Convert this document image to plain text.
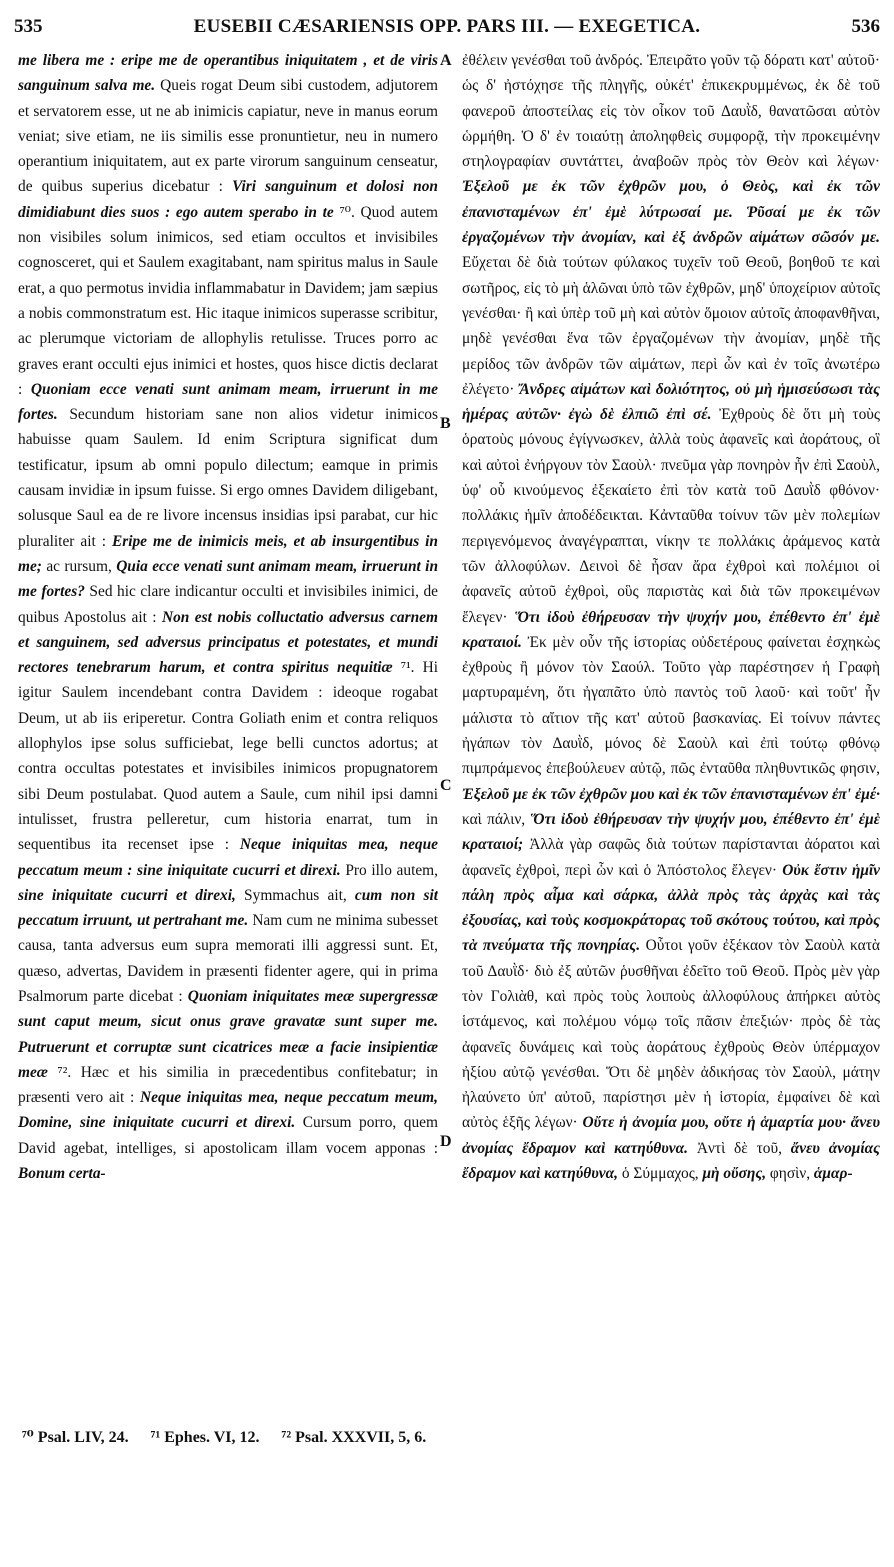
535	EUSEBII CÆSARIENSIS OPP. PARS III. — EXEGETICA.	536

me libera me : eripe me de operantibus iniquitatem , et de viris sanguinum salva me. Queis rogat Deum sibi custodem, adjutorem et servatorem esse, ut ne ab inimicis capiatur, neve in manus eorum veniat; sive etiam, ne iis similis esse pronuntietur, neu in numero operantium iniquitatem, aut ex parte virorum sanguinum censeatur, de quibus superius dicebatur : Viri sanguinum et dolosi non dimidiabunt dies suos : ego autem sperabo in te ⁷⁰. Quod autem non visibiles solum inimicos, sed etiam occultos et invisibiles cognosceret, qui et Saulem exagitabant, nam spiritus malus in Saule erat, a quo permotus invidia inflammabatur in Davidem; jam sæpius a nobis commonstratum est. Hic itaque inimicos superasse scribitur, ac plerumque victoriam de allophylis retulisse. Truces porro ac graves erant occulti ejus inimici et hostes, quos hisce dictis declarat : Quoniam ecce venati sunt animam meam, irruerunt in me fortes. Secundum historiam sane non alios videtur inimicos habuisse quam Saulem. Id enim Scriptura significat dum testificatur, ipsum ab omni populo dilectum; eamque in primis causam invidiæ in ipsum fuisse. Si ergo omnes Davidem diligebant, solusque Saul ea de re livore incensus insidias ipsi parabat, cur hic pluraliter ait : Eripe me de inimicis meis, et ab insurgentibus in me; ac rursum, Quia ecce venati sunt animam meam, irruerunt in me fortes? Sed hic clare indicantur occulti et invisibiles inimici, de quibus Apostolus ait : Non est nobis colluctatio adversus carnem et sanguinem, sed adversus principatus et potestates, et mundi rectores tenebrarum harum, et contra spiritus nequitiæ ⁷¹. Hi igitur Saulem incendebant contra Davidem : ideoque rogabat Deum, ut ab iis eriperetur. Contra Goliath enim et contra reliquos allophylos ipse solus sufficiebat, lege belli cunctos adortus; at contra occultas potestates et invisibiles inimicos propugnatorem sibi Deum postulabat. Quod autem a Saule, cum nihil ipsi damni intulisset, frustra pelleretur, cum historia enarrat, tum in sequentibus ita recenset ipse : Neque iniquitas mea, neque peccatum meum : sine iniquitate cucurri et direxi. Pro illo autem, sine iniquitate cucurri et direxi, Symmachus ait, cum non sit peccatum irruunt, ut pertrahant me. Nam cum ne minima subesset causa, tanta adversus eum supra memorati illi aggressi sunt. Et, quæso, advertas, Davidem in præsenti fidenter agere, qui in prima Psalmorum parte dicebat : Quoniam iniquitates meæ supergressæ sunt caput meum, sicut onus grave gravatæ sunt super me. Putruerunt et corruptæ sunt cicatrices meæ a facie insipientiæ meæ ⁷². Hæc et his similia in præcedentibus confitebatur; in præsenti vero ait : Neque iniquitas mea, neque peccatum meum, Domine, sine iniquitate cucurri et direxi. Cursum porro, quem David agebat, intelliges, si apostolicam illam vocem apponas : Bonum certa-

A
B
C
D

ἐθέλειν γενέσθαι τοῦ ἀνδρός. Ἐπειρᾶτο γοῦν τῷ δόρατι κατ' αὐτοῦ· ὡς δ' ἠστόχησε τῆς πληγῆς, οὐκέτ' ἐπικεκρυμμένως, ἐκ δὲ τοῦ φανεροῦ ἀποστείλας εἰς τὸν οἶκον τοῦ Δαυῒδ, θανατῶσαι αὐτὸν ὡρμήθη. Ὁ δ' ἐν τοιαύτῃ ἀποληφθεὶς συμφορᾷ, τὴν προκειμένην στηλογραφίαν συντάττει, ἀναβοῶν πρὸς τὸν Θεὸν καὶ λέγων· Ἐξελοῦ με ἐκ τῶν ἐχθρῶν μου, ὁ Θεὸς, καὶ ἐκ τῶν ἐπανισταμένων ἐπ' ἐμὲ λύτρωσαί με. Ῥῦσαί με ἐκ τῶν ἐργαζομένων τὴν ἀνομίαν, καὶ ἐξ ἀνδρῶν αἱμάτων σῶσόν με. Εὔχεται δὲ διὰ τούτων φύλακος τυχεῖν τοῦ Θεοῦ, βοηθοῦ τε καὶ σωτῆρος, εἰς τὸ μὴ ἁλῶναι ὑπὸ τῶν ἐχθρῶν, μηδ' ὑποχείριον αὐτοῖς γενέσθαι· ἢ καὶ ὑπὲρ τοῦ μὴ καὶ αὐτὸν ὅμοιον αὐτοῖς ἀποφανθῆναι, μηδὲ γενέσθαι ἕνα τῶν ἐργαζομένων τὴν ἀνομίαν, μηδὲ τῆς μερίδος τῶν ἀνδρῶν τῶν αἱμάτων, περὶ ὧν καὶ ἐν τοῖς ἀνωτέρω ἐλέγετο· Ἄνδρες αἱμάτων καὶ δολιότητος, οὐ μὴ ἡμισεύσωσι τὰς ἡμέρας αὐτῶν· ἐγὼ δὲ ἐλπιῶ ἐπὶ σέ. Ἐχθροὺς δὲ ὅτι μὴ τοὺς ὁρατοὺς μόνους ἐγίγνωσκεν, ἀλλὰ τοὺς ἀφανεῖς καὶ ἀοράτους, οἳ καὶ αὐτοὶ ἐνήργουν τὸν Σαοὺλ· πνεῦμα γὰρ πονηρὸν ἦν ἐπὶ Σαοὺλ, ὑφ' οὗ κινούμενος ἐξεκαίετο ἐπὶ τὸν κατὰ τοῦ Δαυῒδ φθόνον· πολλάκις ἡμῖν ἀποδέδεικται. Κἀνταῦθα τοίνυν τῶν μὲν πολεμίων περιγενόμενος ἀναγέγραπται, νίκην τε πολλάκις ἀράμενος κατὰ τῶν ἀλλοφύλων. Δεινοὶ δὲ ἦσαν ἄρα ἐχθροὶ καὶ πολέμιοι οἱ ἀφανεῖς αὐτοῦ ἐχθροὶ, οὓς παριστὰς καὶ διὰ τῶν προκειμένων ἔλεγεν· Ὅτι ἰδοὺ ἐθήρευσαν τὴν ψυχήν μου, ἐπέθεντο ἐπ' ἐμὲ κραταιοί. Ἐκ μὲν οὖν τῆς ἱστορίας οὐδετέρους φαίνεται ἐσχηκὼς ἐχθροὺς ἢ μόνον τὸν Σαούλ. Τοῦτο γὰρ παρέστησεν ἡ Γραφὴ μαρτυραμένη, ὅτι ἠγαπᾶτο ὑπὸ παντὸς τοῦ λαοῦ· καὶ τοῦτ' ἦν μάλιστα τὸ αἴτιον τῆς κατ' αὐτοῦ βασκανίας. Εἰ τοίνυν πάντες ἠγάπων τὸν Δαυῒδ, μόνος δὲ Σαοὺλ καὶ ἐπὶ τούτῳ φθόνῳ πιμπράμενος ἐπεβούλευεν αὐτῷ, πῶς ἐνταῦθα πληθυντικῶς φησιν, Ἐξελοῦ με ἐκ τῶν ἐχθρῶν μου καὶ ἐκ τῶν ἐπανισταμένων ἐπ' ἐμέ· καὶ πάλιν, Ὅτι ἰδοὺ ἐθήρευσαν τὴν ψυχήν μου, ἐπέθεντο ἐπ' ἐμὲ κραταιοί; Ἀλλὰ γὰρ σαφῶς διὰ τούτων παρίστανται ἀόρατοι καὶ ἀφανεῖς ἐχθροὶ, περὶ ὧν καὶ ὁ Ἀπόστολος ἔλεγεν· Οὐκ ἔστιν ἡμῖν πάλη πρὸς αἷμα καὶ σάρκα, ἀλλὰ πρὸς τὰς ἀρχὰς καὶ τὰς ἐξουσίας, καὶ τοὺς κοσμοκράτορας τοῦ σκότους τούτου, καὶ πρὸς τὰ πνεύματα τῆς πονηρίας. Οὗτοι γοῦν ἐξέκαον τὸν Σαοὺλ κατὰ τοῦ Δαυῒδ· διὸ ἐξ αὐτῶν ῥυσθῆναι ἐδεῖτο τοῦ Θεοῦ. Πρὸς μὲν γὰρ τὸν Γολιὰθ, καὶ πρὸς τοὺς λοιποὺς ἀλλοφύλους ἀπήρκει αὐτὸς ἱστάμενος, καὶ πολέμου νόμῳ τοῖς πᾶσιν ἐπεξιών· πρὸς δὲ τὰς ἀφανεῖς δυνάμεις καὶ τοὺς ἀοράτους ἐχθροὺς Θεὸν ὑπέρμαχον ἠξίου αὐτῷ γενέσθαι. Ὅτι δὲ μηδὲν ἀδικήσας τὸν Σαοὺλ, μάτην ἠλαύνετο ὑπ' αὐτοῦ, παρίστησι μὲν ἡ ἱστορία, ἐμφαίνει δὲ καὶ αὐτὸς ἑξῆς λέγων· Οὔτε ἡ ἀνομία μου, οὔτε ἡ ἁμαρτία μου· ἄνευ ἀνομίας ἔδραμον καὶ κατηύθυνα. Ἀντὶ δὲ τοῦ, ἄνευ ἀνομίας ἔδραμον καὶ κατηύθυνα, ὁ Σύμμαχος, μὴ οὔσης, φησὶν, ἁμαρ-

⁷⁰ Psal. LIV, 24. ⁷¹ Ephes. VI, 12. ⁷² Psal. XXXVII, 5, 6.
